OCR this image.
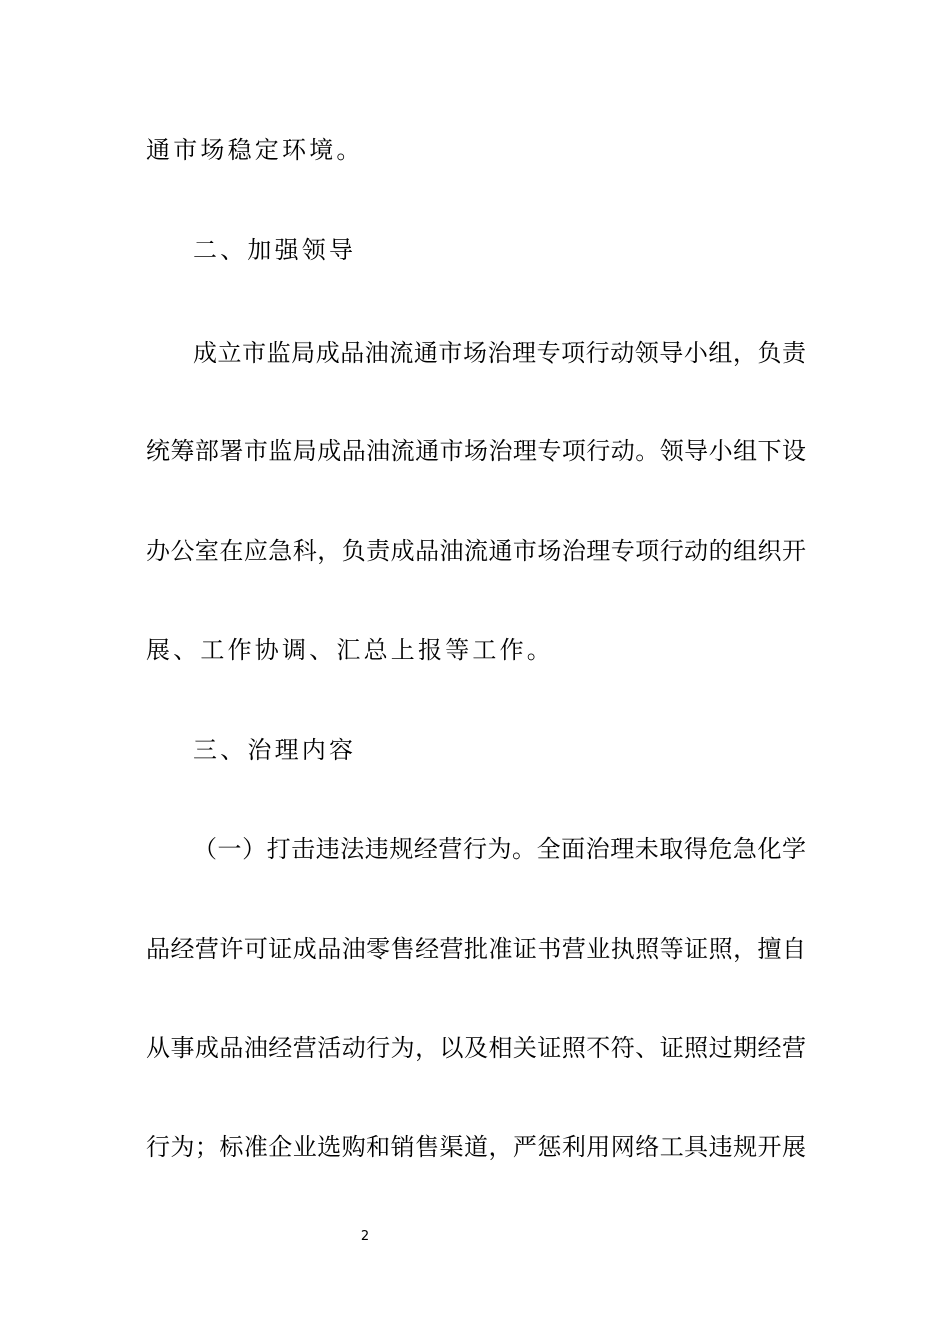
通市场稳定环境。
二、加强领导
成立市监局成品油流通市场治理专项行动领导小组，负责
统筹部署市监局成品油流通市场治理专项行动。领导小组下设
办公室在应急科，负责成品油流通市场治理专项行动的组织开
展、工作协调、汇总上报等工作。
三、治理内容
（一）打击违法违规经营行为。全面治理未取得危急化学
品经营许可证成品油零售经营批准证书营业执照等证照，擅自
从事成品油经营活动行为，以及相关证照不符、证照过期经营
行为；标准企业选购和销售渠道，严惩利用网络工具违规开展
2
